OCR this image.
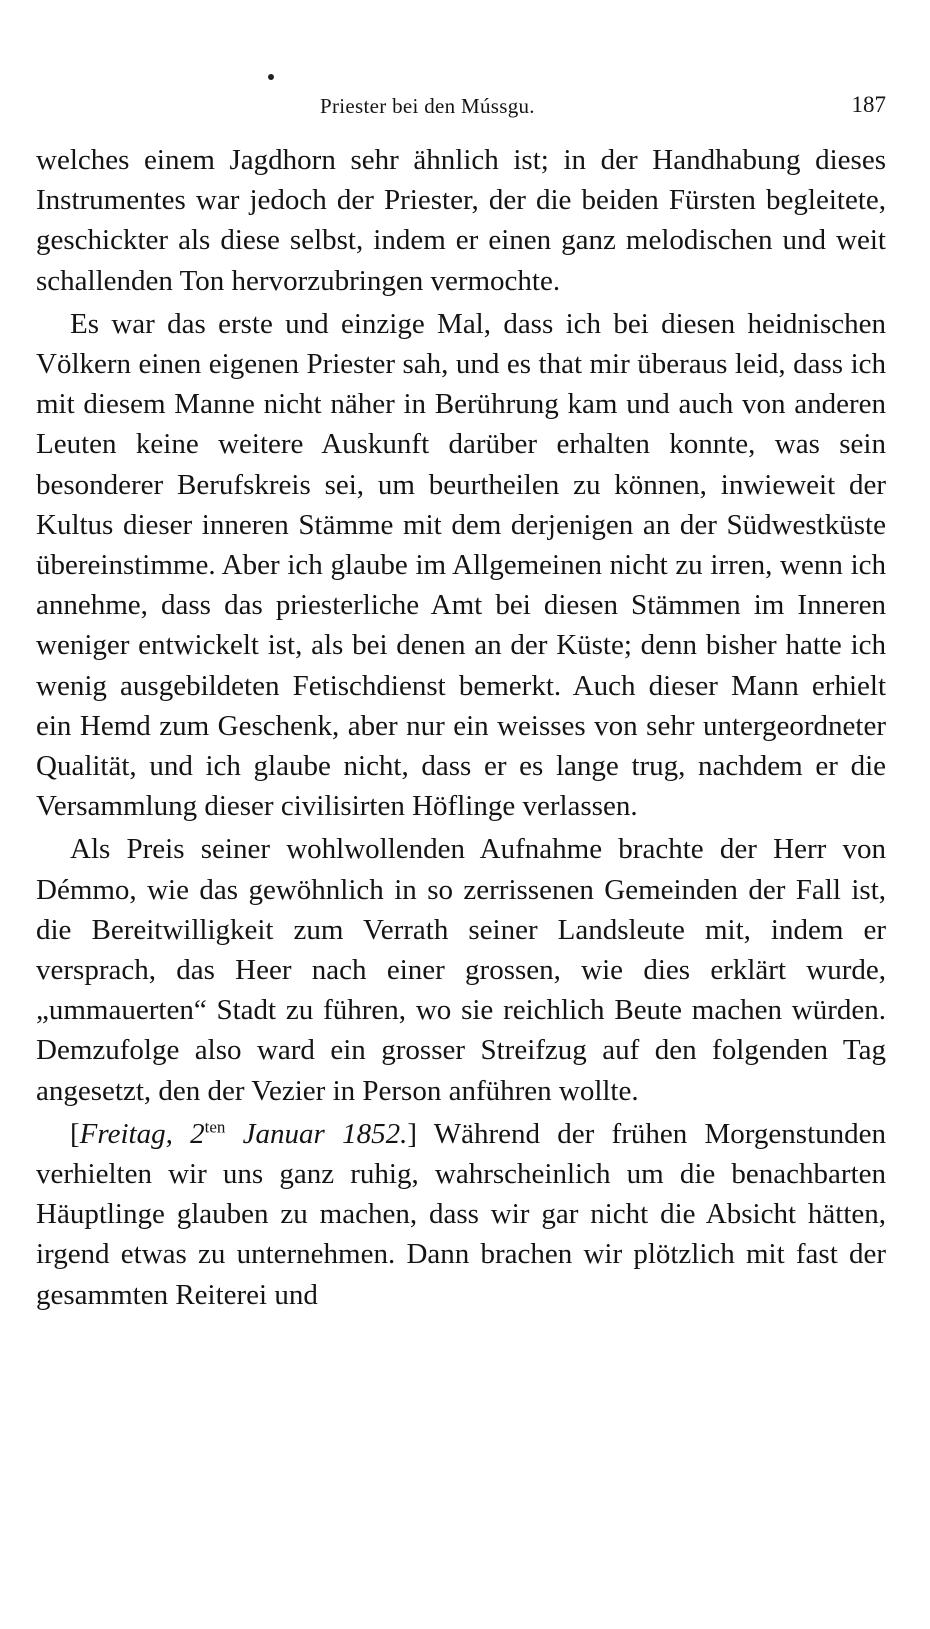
Priester bei den Mússgu.	187

welches einem Jagdhorn sehr ähnlich ist; in der Handhabung dieses Instrumentes war jedoch der Priester, der die beiden Fürsten begleitete, geschickter als diese selbst, indem er einen ganz melodischen und weit schallenden Ton hervorzubringen vermochte.

Es war das erste und einzige Mal, dass ich bei diesen heidnischen Völkern einen eigenen Priester sah, und es that mir überaus leid, dass ich mit diesem Manne nicht näher in Berührung kam und auch von anderen Leuten keine weitere Auskunft darüber erhalten konnte, was sein besonderer Berufskreis sei, um beurtheilen zu können, inwieweit der Kultus dieser inneren Stämme mit dem derjenigen an der Südwestküste übereinstimme. Aber ich glaube im Allgemeinen nicht zu irren, wenn ich annehme, dass das priesterliche Amt bei diesen Stämmen im Inneren weniger entwickelt ist, als bei denen an der Küste; denn bisher hatte ich wenig ausgebildeten Fetischdienst bemerkt. Auch dieser Mann erhielt ein Hemd zum Geschenk, aber nur ein weisses von sehr untergeordneter Qualität, und ich glaube nicht, dass er es lange trug, nachdem er die Versammlung dieser civilisirten Höflinge verlassen.

Als Preis seiner wohlwollenden Aufnahme brachte der Herr von Démmo, wie das gewöhnlich in so zerrissenen Gemeinden der Fall ist, die Bereitwilligkeit zum Verrath seiner Landsleute mit, indem er versprach, das Heer nach einer grossen, wie dies erklärt wurde, „ummauerten“ Stadt zu führen, wo sie reichlich Beute machen würden. Demzufolge also ward ein grosser Streifzug auf den folgenden Tag angesetzt, den der Vezier in Person anführen wollte.

[Freitag, $2^{ten}$ Januar 1852.] Während der frühen Morgenstunden verhielten wir uns ganz ruhig, wahrscheinlich um die benachbarten Häuptlinge glauben zu machen, dass wir gar nicht die Absicht hätten, irgend etwas zu unternehmen. Dann brachen wir plötzlich mit fast der gesammten Reiterei und
